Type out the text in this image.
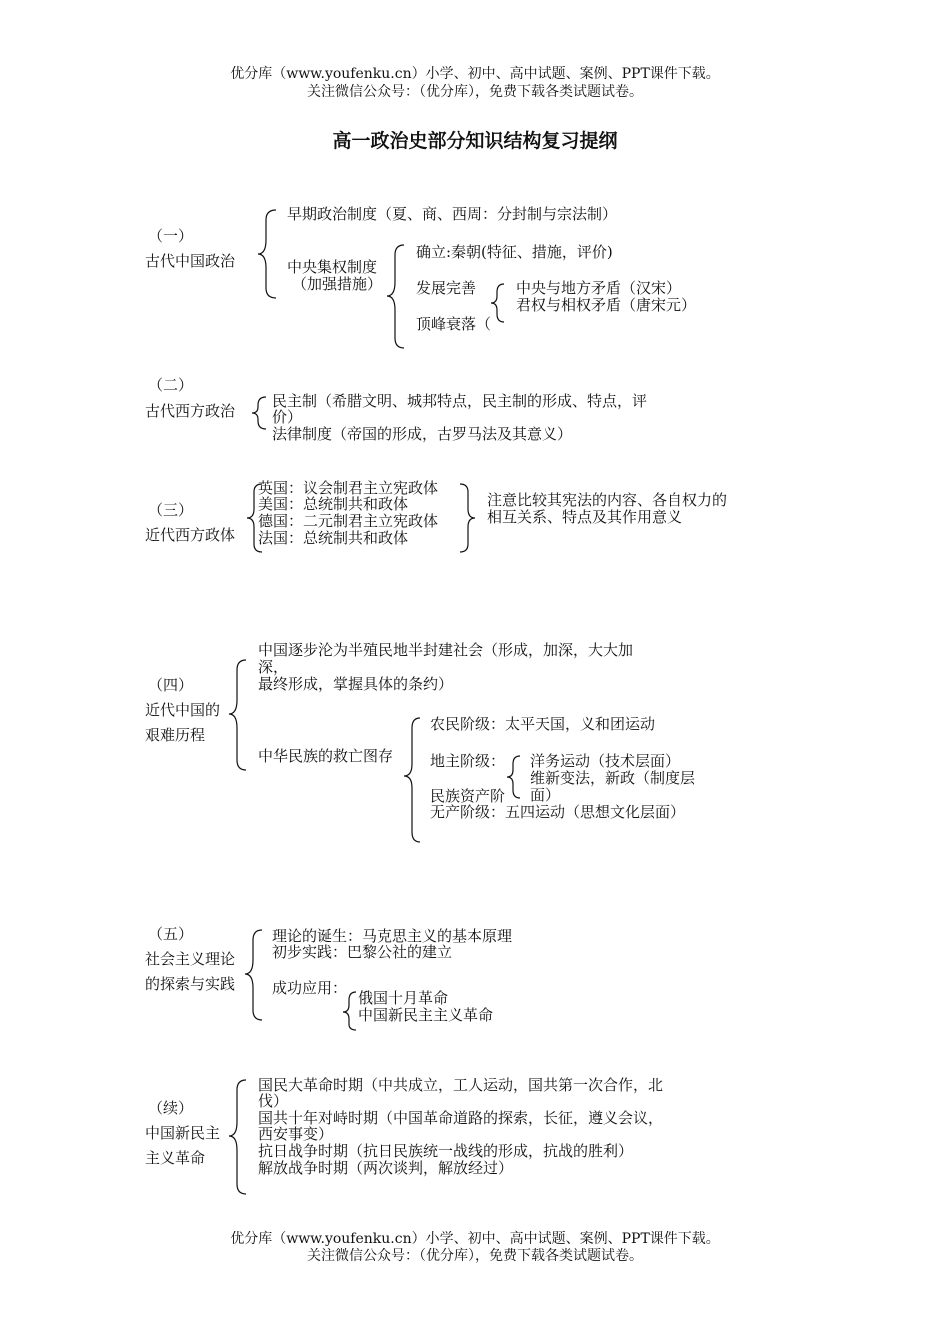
优分库（www.youfenku.cn）小学、初中、高中试题、案例、PPT课件下载。
关注微信公众号：（优分库），免费下载各类试题试卷。
高一政治史部分知识结构复习提纲
（一）
古代中国政治
早期政治制度（夏、商、西周：分封制与宗法制）
中央集权制度
（加强措施）
确立:秦朝(特征、措施，评价)
发展完善
顶峰衰落（
中央与地方矛盾（汉宋）
君权与相权矛盾（唐宋元）
（二）
古代西方政治
民主制（希腊文明、城邦特点，民主制的形成、特点，评
价）
法律制度（帝国的形成，古罗马法及其意义）
（三）
近代西方政体
英国：议会制君主立宪政体
美国：总统制共和政体
德国：二元制君主立宪政体
法国：总统制共和政体
注意比较其宪法的内容、各自权力的相互关系、特点及其作用意义
（四）
近代中国的
艰难历程
中国逐步沦为半殖民地半封建社会（形成，加深，大大加
深，
最终形成，掌握具体的条约）
中华民族的救亡图存
农民阶级：太平天国，义和团运动
地主阶级：
民族资产阶
无产阶级：五四运动（思想文化层面）
洋务运动（技术层面）
维新变法，新政（制度层
面）
（五）
社会主义理论
的探索与实践
理论的诞生：马克思主义的基本原理
初步实践：巴黎公社的建立
成功应用：
俄国十月革命
中国新民主主义革命
（续）
中国新民主
主义革命
国民大革命时期（中共成立，工人运动，国共第一次合作，北
伐）
国共十年对峙时期（中国革命道路的探索，长征，遵义会议，
西安事变）
抗日战争时期（抗日民族统一战线的形成，抗战的胜利）
解放战争时期（两次谈判，解放经过）
优分库（www.youfenku.cn）小学、初中、高中试题、案例、PPT课件下载。
关注微信公众号：（优分库），免费下载各类试题试卷。
